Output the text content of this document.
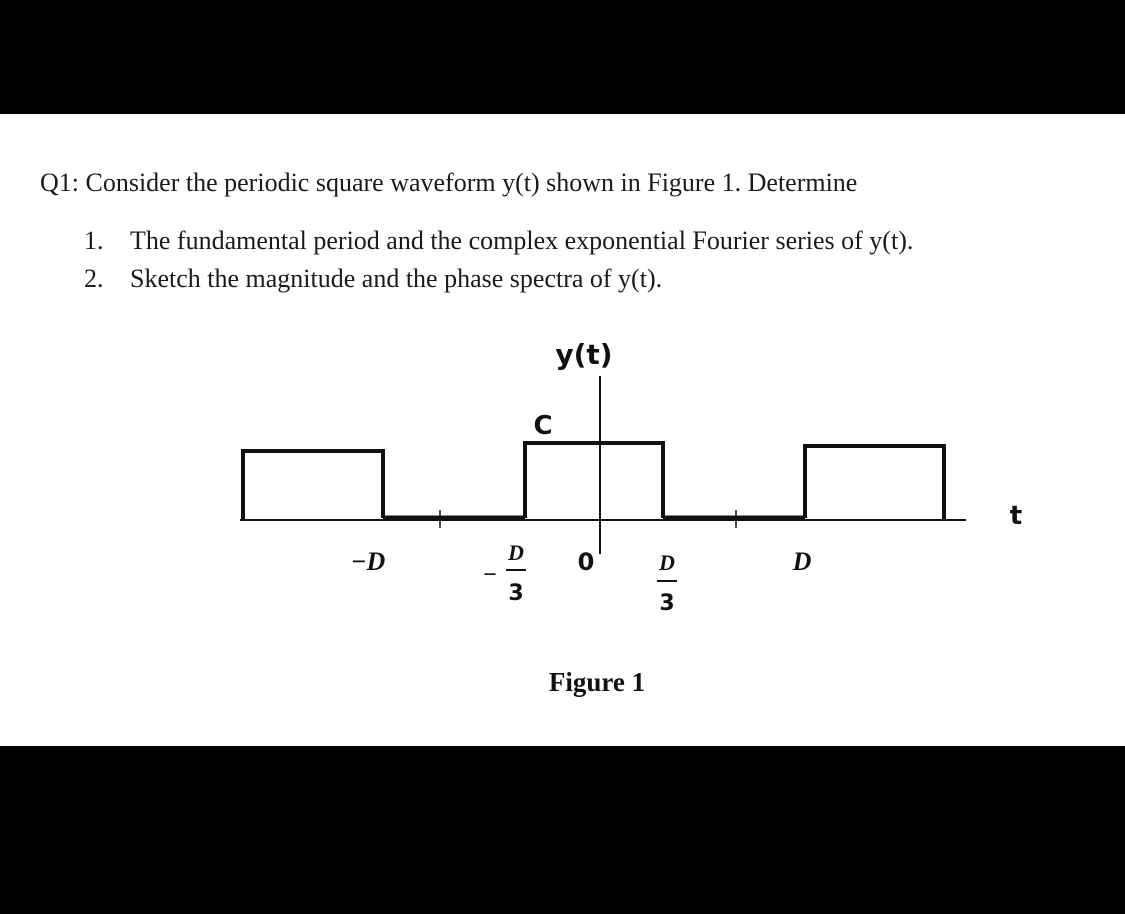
Q1: Consider the periodic square waveform y(t) shown in Figure 1. Determine
1. The fundamental period and the complex exponential Fourier series of y(t).
2. Sketch the magnitude and the phase spectra of y(t).
y(t)
C
t
−D	−
D
3
0	D
3
D
Figure 1
